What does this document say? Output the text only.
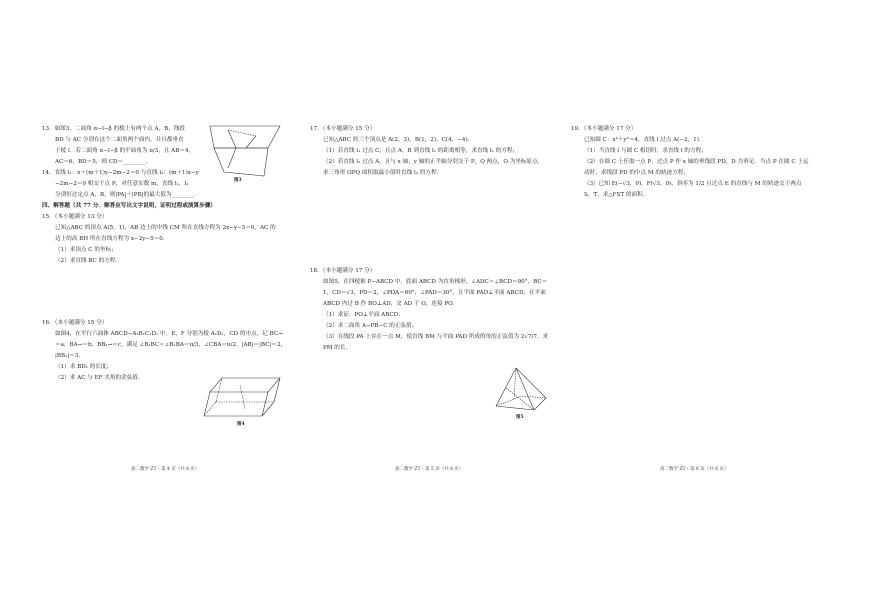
13．如图3，二面角 α−l−β 的棱上有两个点 A，B，线段

BD 与 AC 分别在这个二面角两个面内，并且都垂直

于棱 l．若二面角 α−l−β 的平面角为 π/3，且 AB＝4，

AC＝6，BD＝5，则 CD＝________．

14．直线 l₁：x＋(m＋1)y−2m−2＝0 与直线 l₂：(m＋1)x−y

−2m−2＝0 相交于点 P，对任意实数 m，直线 l₁，l₂

分别恒过定点 A，B，则|PA|＋|PB|的最大值为________．

四、解答题（共 77 分．解答应写出文字说明，证明过程或演算步骤）

15．（本小题满分 13 分）

已知△ABC 的顶点 A(5，1)，AB 边上的中线 CM 所在直线方程为 2x−y−5＝0，AC 的

边上的高 BH 所在直线方程为 x−2y−5＝0．

（1）求顶点 C 的坐标；

（2）求直线 BC 的方程．

16．（本小题满分 15 分）

如图4，在平行六面体 ABCD−A₁B₁C₁D₁ 中，E，F 分别为棱 A₁D₁，CD 的中点，记 BC→

＝a，BA→＝b，BB₁→＝c，满足 ∠B₁BC＝∠B₁BA＝π/3，∠CBA＝π/2，|AB|＝|BC|＝2，

|BB₁|＝3．

（1）求 BD₁ 的长度；

（2）求 AC 与 EF 夹角的余弦值．

图3
图4
高二数学 ZT・第 4 页（共 6 页）

17．（本小题满分 15 分）

已知△ABC 的三个顶点是 A(2，3)，B(1，2)，C(4，−4)．

（1）若直线 l₁ 过点 C，且点 A，B 到直线 l₁ 的距离相等，求直线 l₁ 的方程；

（2）若直线 l₂ 过点 A，且与 x 轴，y 轴的正半轴分别交于 P，Q 两点，O 为坐标原点，

求三角形 OPQ 面积取最小值时直线 l₂ 的方程．

18．（本小题满分 17 分）

如图5，在四棱锥 P−ABCD 中，底面 ABCD 为直角梯形，∠ADC＝∠BCD＝90°，BC＝

1，CD＝√3，PD＝2，∠PDA＝60°，∠PAD＝30°，且平面 PAD⊥平面 ABCD，在平面

ABCD 内过 B 作 BO⊥AD，交 AD 于 O，连接 PO．

（1）求证：PO⊥平面 ABCD；

（2）求二面角 A−PB−C 的正弦值；

（3）在线段 PA 上存在一点 M，使直线 BM 与平面 PAD 所成的角的正弦值为 2√7/7，求

PM 的长．

图5
高二数学 ZT・第 5 页（共 6 页）

19．（本小题满分 17 分）

已知圆 C：x²＋y²＝4，直线 l 过点 A(−2，1)．

（1）当直线 l 与圆 C 相切时，求直线 l 的方程；

（2）在圆 C 上任取一点 P，过点 P 作 x 轴的垂线段 PD，D 为垂足．当点 P 在圆 C 上运

动时，求线段 PD 的中点 M 的轨迹方程；

（3）已知 E(−√3，0)，F(√3，0)，斜率为 1/2 且过点 E 的直线与 M 的轨迹交于两点

S，T，求△FST 的面积．

高二数学 ZT・第 6 页（共 6 页）
